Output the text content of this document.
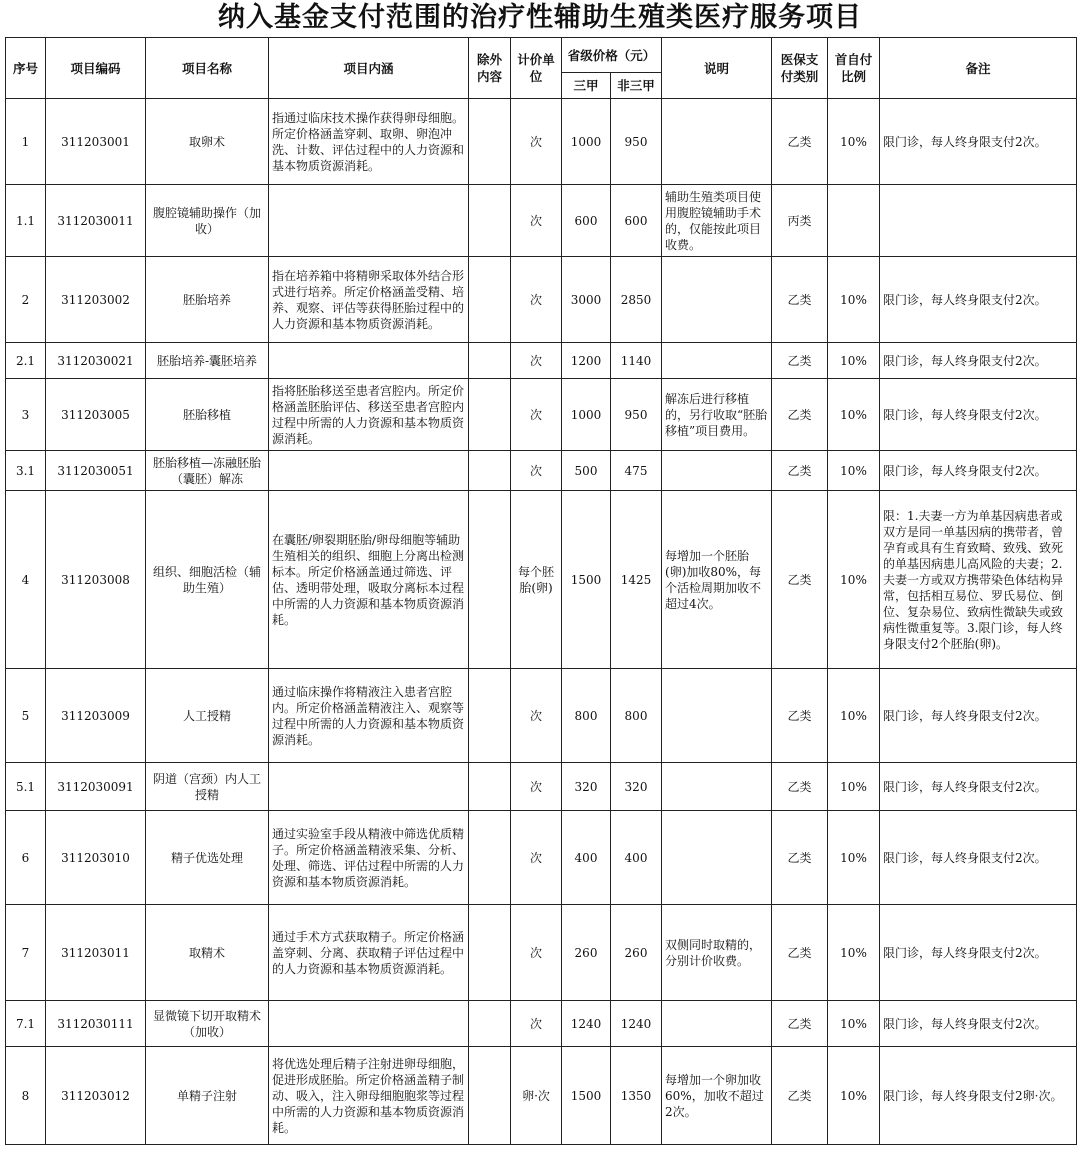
纳入基金支付范围的治疗性辅助生殖类医疗服务项目
序号	项目编码	项目名称	项目内涵	除外内容	计价单位	省级价格（元）		说明	医保支付类别	首自付比例	备注
						三甲	非三甲				
1	311203001	取卵术	指通过临床技术操作获得卵母细胞。所定价格涵盖穿刺、取卵、卵泡冲洗、计数、评估过程中的人力资源和基本物质资源消耗。		次	1000	950		乙类	10%	限门诊，每人终身限支付2次。
1.1	3112030011	腹腔镜辅助操作（加收）			次	600	600	辅助生殖类项目使用腹腔镜辅助手术的，仅能按此项目收费。	丙类		
2	311203002	胚胎培养	指在培养箱中将精卵采取体外结合形式进行培养。所定价格涵盖受精、培养、观察、评估等获得胚胎过程中的人力资源和基本物质资源消耗。		次	3000	2850		乙类	10%	限门诊，每人终身限支付2次。
2.1	3112030021	胚胎培养-囊胚培养			次	1200	1140		乙类	10%	限门诊，每人终身限支付2次。
3	311203005	胚胎移植	指将胚胎移送至患者宫腔内。所定价格涵盖胚胎评估、移送至患者宫腔内过程中所需的人力资源和基本物质资源消耗。		次	1000	950	解冻后进行移植的，另行收取“胚胎移植”项目费用。	乙类	10%	限门诊，每人终身限支付2次。
3.1	3112030051	胚胎移植—冻融胚胎（囊胚）解冻			次	500	475		乙类	10%	限门诊，每人终身限支付2次。
4	311203008	组织、细胞活检（辅助生殖）	在囊胚/卵裂期胚胎/卵母细胞等辅助生殖相关的组织、细胞上分离出检测标本。所定价格涵盖通过筛选、评估、透明带处理，吸取分离标本过程中所需的人力资源和基本物质资源消耗。		每个胚胎(卵)	1500	1425	每增加一个胚胎(卵)加收80%，每个活检周期加收不超过4次。	乙类	10%	限：1.夫妻一方为单基因病患者或双方是同一单基因病的携带者，曾孕育或具有生育致畸、致残、致死的单基因病患儿高风险的夫妻；2.夫妻一方或双方携带染色体结构异常，包括相互易位、罗氏易位、倒位、复杂易位、致病性微缺失或致病性微重复等。3.限门诊，每人终身限支付2个胚胎(卵)。
5	311203009	人工授精	通过临床操作将精液注入患者宫腔内。所定价格涵盖精液注入、观察等过程中所需的人力资源和基本物质资源消耗。		次	800	800		乙类	10%	限门诊，每人终身限支付2次。
5.1	3112030091	阴道（宫颈）内人工授精			次	320	320		乙类	10%	限门诊，每人终身限支付2次。
6	311203010	精子优选处理	通过实验室手段从精液中筛选优质精子。所定价格涵盖精液采集、分析、处理、筛选、评估过程中所需的人力资源和基本物质资源消耗。		次	400	400		乙类	10%	限门诊，每人终身限支付2次。
7	311203011	取精术	通过手术方式获取精子。所定价格涵盖穿刺、分离、获取精子评估过程中的人力资源和基本物质资源消耗。		次	260	260	双侧同时取精的，分别计价收费。	乙类	10%	限门诊，每人终身限支付2次。
7.1	3112030111	显微镜下切开取精术（加收）			次	1240	1240		乙类	10%	限门诊，每人终身限支付2次。
8	311203012	单精子注射	将优选处理后精子注射进卵母细胞，促进形成胚胎。所定价格涵盖精子制动、吸入，注入卵母细胞胞浆等过程中所需的人力资源和基本物质资源消耗。		卵·次	1500	1350	每增加一个卵加收60%，加收不超过2次。	乙类	10%	限门诊，每人终身限支付2卵·次。
